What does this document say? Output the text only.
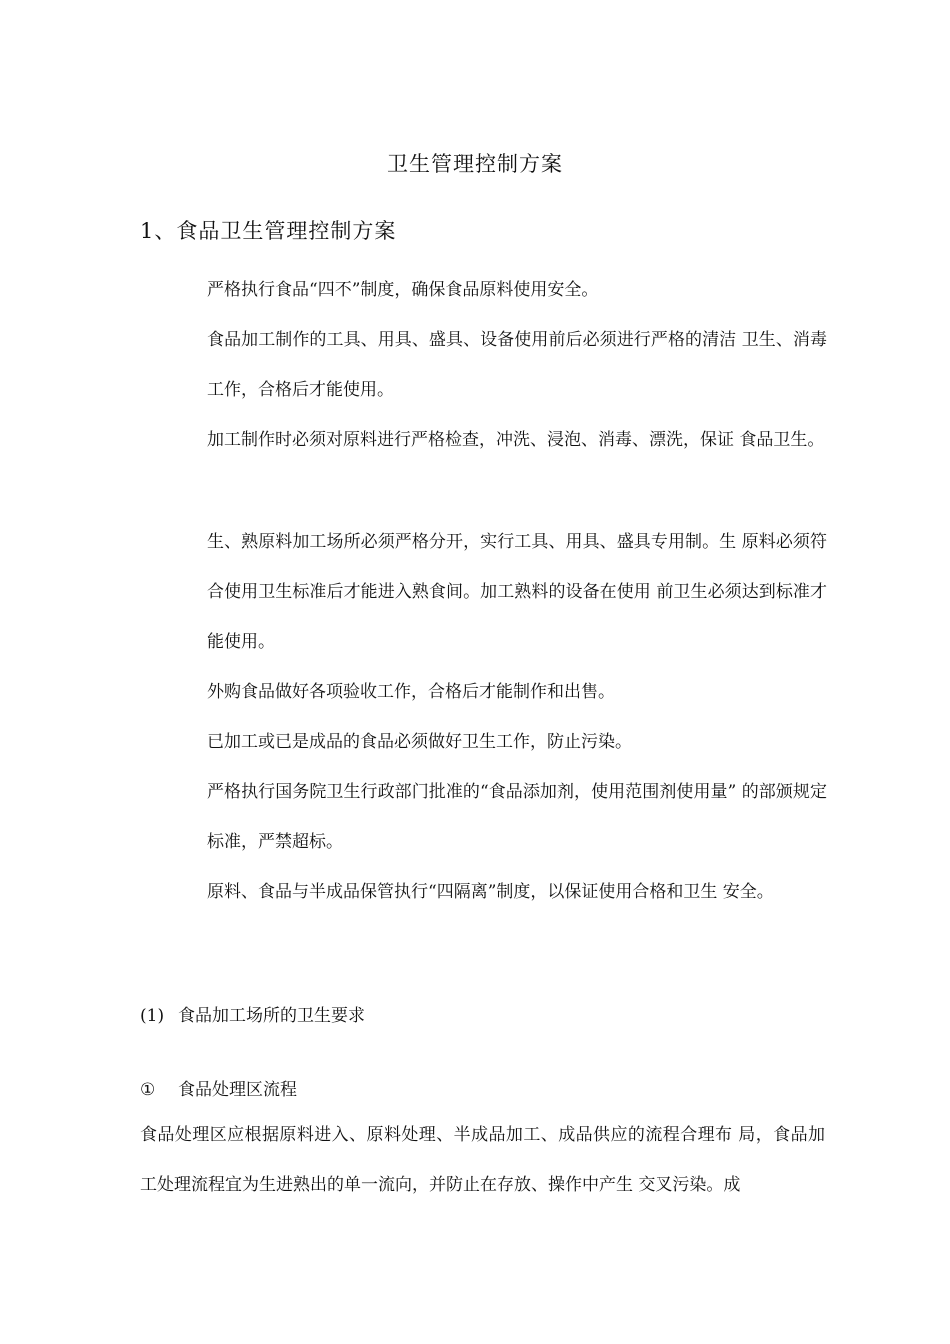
卫生管理控制方案
1、食品卫生管理控制方案
严格执行食品“四不”制度，确保食品原料使用安全。
食品加工制作的工具、用具、盛具、设备使用前后必须进行严格的清洁 卫生、消毒工作，合格后才能使用。
加工制作时必须对原料进行严格检查，冲洗、浸泡、消毒、漂洗，保证 食品卫生。
生、熟原料加工场所必须严格分开，实行工具、用具、盛具专用制。生 原料必须符合使用卫生标准后才能进入熟食间。加工熟料的设备在使用 前卫生必须达到标准才能使用。
外购食品做好各项验收工作，合格后才能制作和出售。
已加工或已是成品的食品必须做好卫生工作，防止污染。
严格执行国务院卫生行政部门批准的“食品添加剂，使用范围剂使用量” 的部颁规定标准，严禁超标。
原料、食品与半成品保管执行“四隔离”制度，以保证使用合格和卫生 安全。
(1) 食品加工场所的卫生要求
① 食品处理区流程
食品处理区应根据原料进入、原料处理、半成品加工、成品供应的流程合理布 局，食品加工处理流程宜为生进熟出的单一流向，并防止在存放、操作中产生 交叉污染。成
